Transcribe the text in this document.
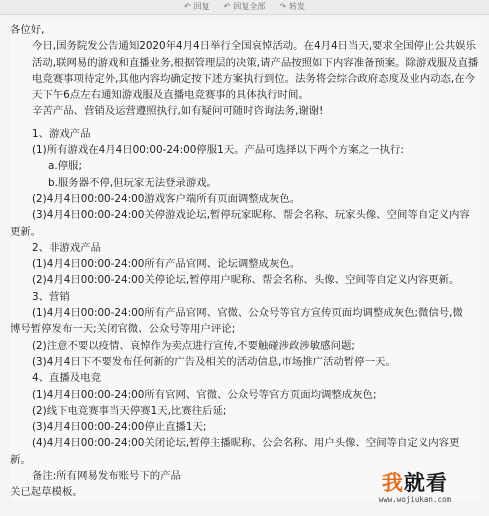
↶ 回复 ↶ 回复全部 ↷ 转发

各位好,

今日,国务院发公告通知2020年4月4日举行全国哀悼活动。在4月4日当天,要求全国停止公共娱乐活动,联网易的游戏和直播业务,根据管理层的决策,请产品按照如下内容准备预案。除游戏服及直播电竞赛事项待定外,其他内容均确定按下述方案执行到位。法务将会综合政府态度及业内动态,在今天下午6点左右通知游戏服及直播电竞赛事的具体执行时间。

辛苦产品、营销及运营遵照执行,如有疑问可随时咨询法务,谢谢!

1、游戏产品

(1)所有游戏在4月4日00:00-24:00停服1天。产品可选择以下两个方案之一执行:

a.停服;

b.服务器不停,但玩家无法登录游戏。

(2)4月4日00:00-24:00游戏客户端所有页面调整成灰色。

(3)4月4日00:00-24:00关停游戏论坛,暂停玩家昵称、帮会名称、玩家头像、空间等自定义内容

更新。

2、非游戏产品

(1)4月4日00:00-24:00所有产品官网、论坛调整成灰色。

(2)4月4日00:00-24:00关停论坛,暂停用户昵称、帮会名称、头像、空间等自定义内容更新。

3、营销

(1)4月4日00:00-24:00所有产品官网、官微、公众号等官方宣传页面均调整成灰色;微信号,微

博号暂停发布一天;关闭官微、公众号等用户评论;

(2)注意不要以疫情、哀悼作为卖点进行宣传,不要触碰涉政涉敏感问题;

(3)4月4日下不要发布任何新的广告及相关的活动信息,市场推广活动暂停一天。

4、直播及电竞

(1)4月4日00:00-24:00所有官网、官微、公众号等官方页面均调整成灰色;

(2)线下电竞赛事当天停赛1天,比赛往后延;

(3)4月4日00:00-24:00停止直播1天;

(4)4月4日00:00-24:00关闭论坛,暂停主播昵称、公会名称、用户头像、空间等自定义内容更

新。

备注:所有网易发布账号下的产品

关已起草模板。	我就看
www.wojiukan.com
